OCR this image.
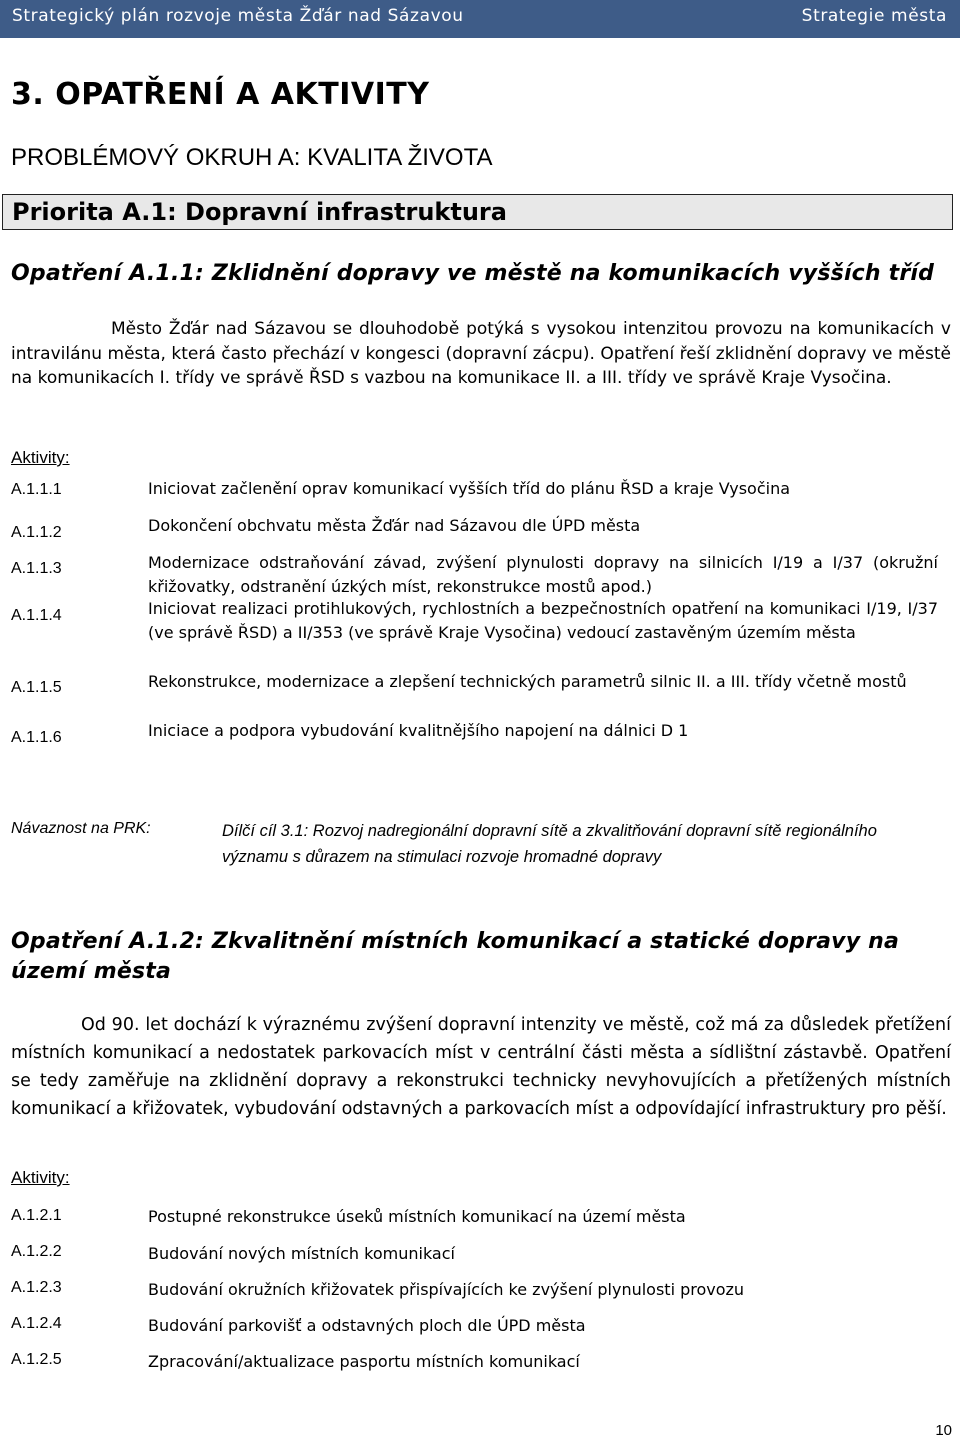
Strategický plán rozvoje města Žďár nad Sázavou	Strategie města
3. OPATŘENÍ A AKTIVITY
PROBLÉMOVÝ OKRUH A: KVALITA ŽIVOTA
Priorita A.1: Dopravní infrastruktura
Opatření A.1.1: Zklidnění dopravy ve městě na komunikacích vyšších tříd
Město Žďár nad Sázavou se dlouhodobě potýká s vysokou intenzitou provozu na komunikacích v intravilánu města, která často přechází v kongesci (dopravní zácpu). Opatření řeší zklidnění dopravy ve městě na komunikacích I. třídy ve správě ŘSD s vazbou na komunikace II. a III. třídy ve správě Kraje Vysočina.
Aktivity:
A.1.1.1	Iniciovat začlenění oprav komunikací vyšších tříd do plánu ŘSD a kraje Vysočina
A.1.1.2	Dokončení obchvatu města Žďár nad Sázavou dle ÚPD města
A.1.1.3	Modernizace odstraňování závad, zvýšení plynulosti dopravy na silnicích I/19 a I/37 (okružní křižovatky, odstranění úzkých míst, rekonstrukce mostů apod.)
A.1.1.4	Iniciovat realizaci protihlukových, rychlostních a bezpečnostních opatření na komunikaci I/19, I/37 (ve správě ŘSD) a II/353 (ve správě Kraje Vysočina) vedoucí zastavěným územím města
A.1.1.5	Rekonstrukce, modernizace a zlepšení technických parametrů silnic II. a III. třídy včetně mostů
A.1.1.6	Iniciace a podpora vybudování kvalitnějšího napojení na dálnici D 1
Návaznost na PRK:	Dílčí cíl 3.1: Rozvoj nadregionální dopravní sítě a zkvalitňování dopravní sítě regionálního významu s důrazem na stimulaci rozvoje hromadné dopravy
Opatření A.1.2: Zkvalitnění místních komunikací a statické dopravy na území města
Od 90. let dochází k výraznému zvýšení dopravní intenzity ve městě, což má za důsledek přetížení místních komunikací a nedostatek parkovacích míst v centrální části města a sídlištní zástavbě. Opatření se tedy zaměřuje na zklidnění dopravy a rekonstrukci technicky nevyhovujících a přetížených místních komunikací a křižovatek, vybudování odstavných a parkovacích míst a odpovídající infrastruktury pro pěší.
Aktivity:
A.1.2.1	Postupné rekonstrukce úseků místních komunikací na území města
A.1.2.2	Budování nových místních komunikací
A.1.2.3	Budování okružních křižovatek přispívajících ke zvýšení plynulosti provozu
A.1.2.4	Budování parkovišť a odstavných ploch dle ÚPD města
A.1.2.5	Zpracování/aktualizace pasportu místních komunikací
10
